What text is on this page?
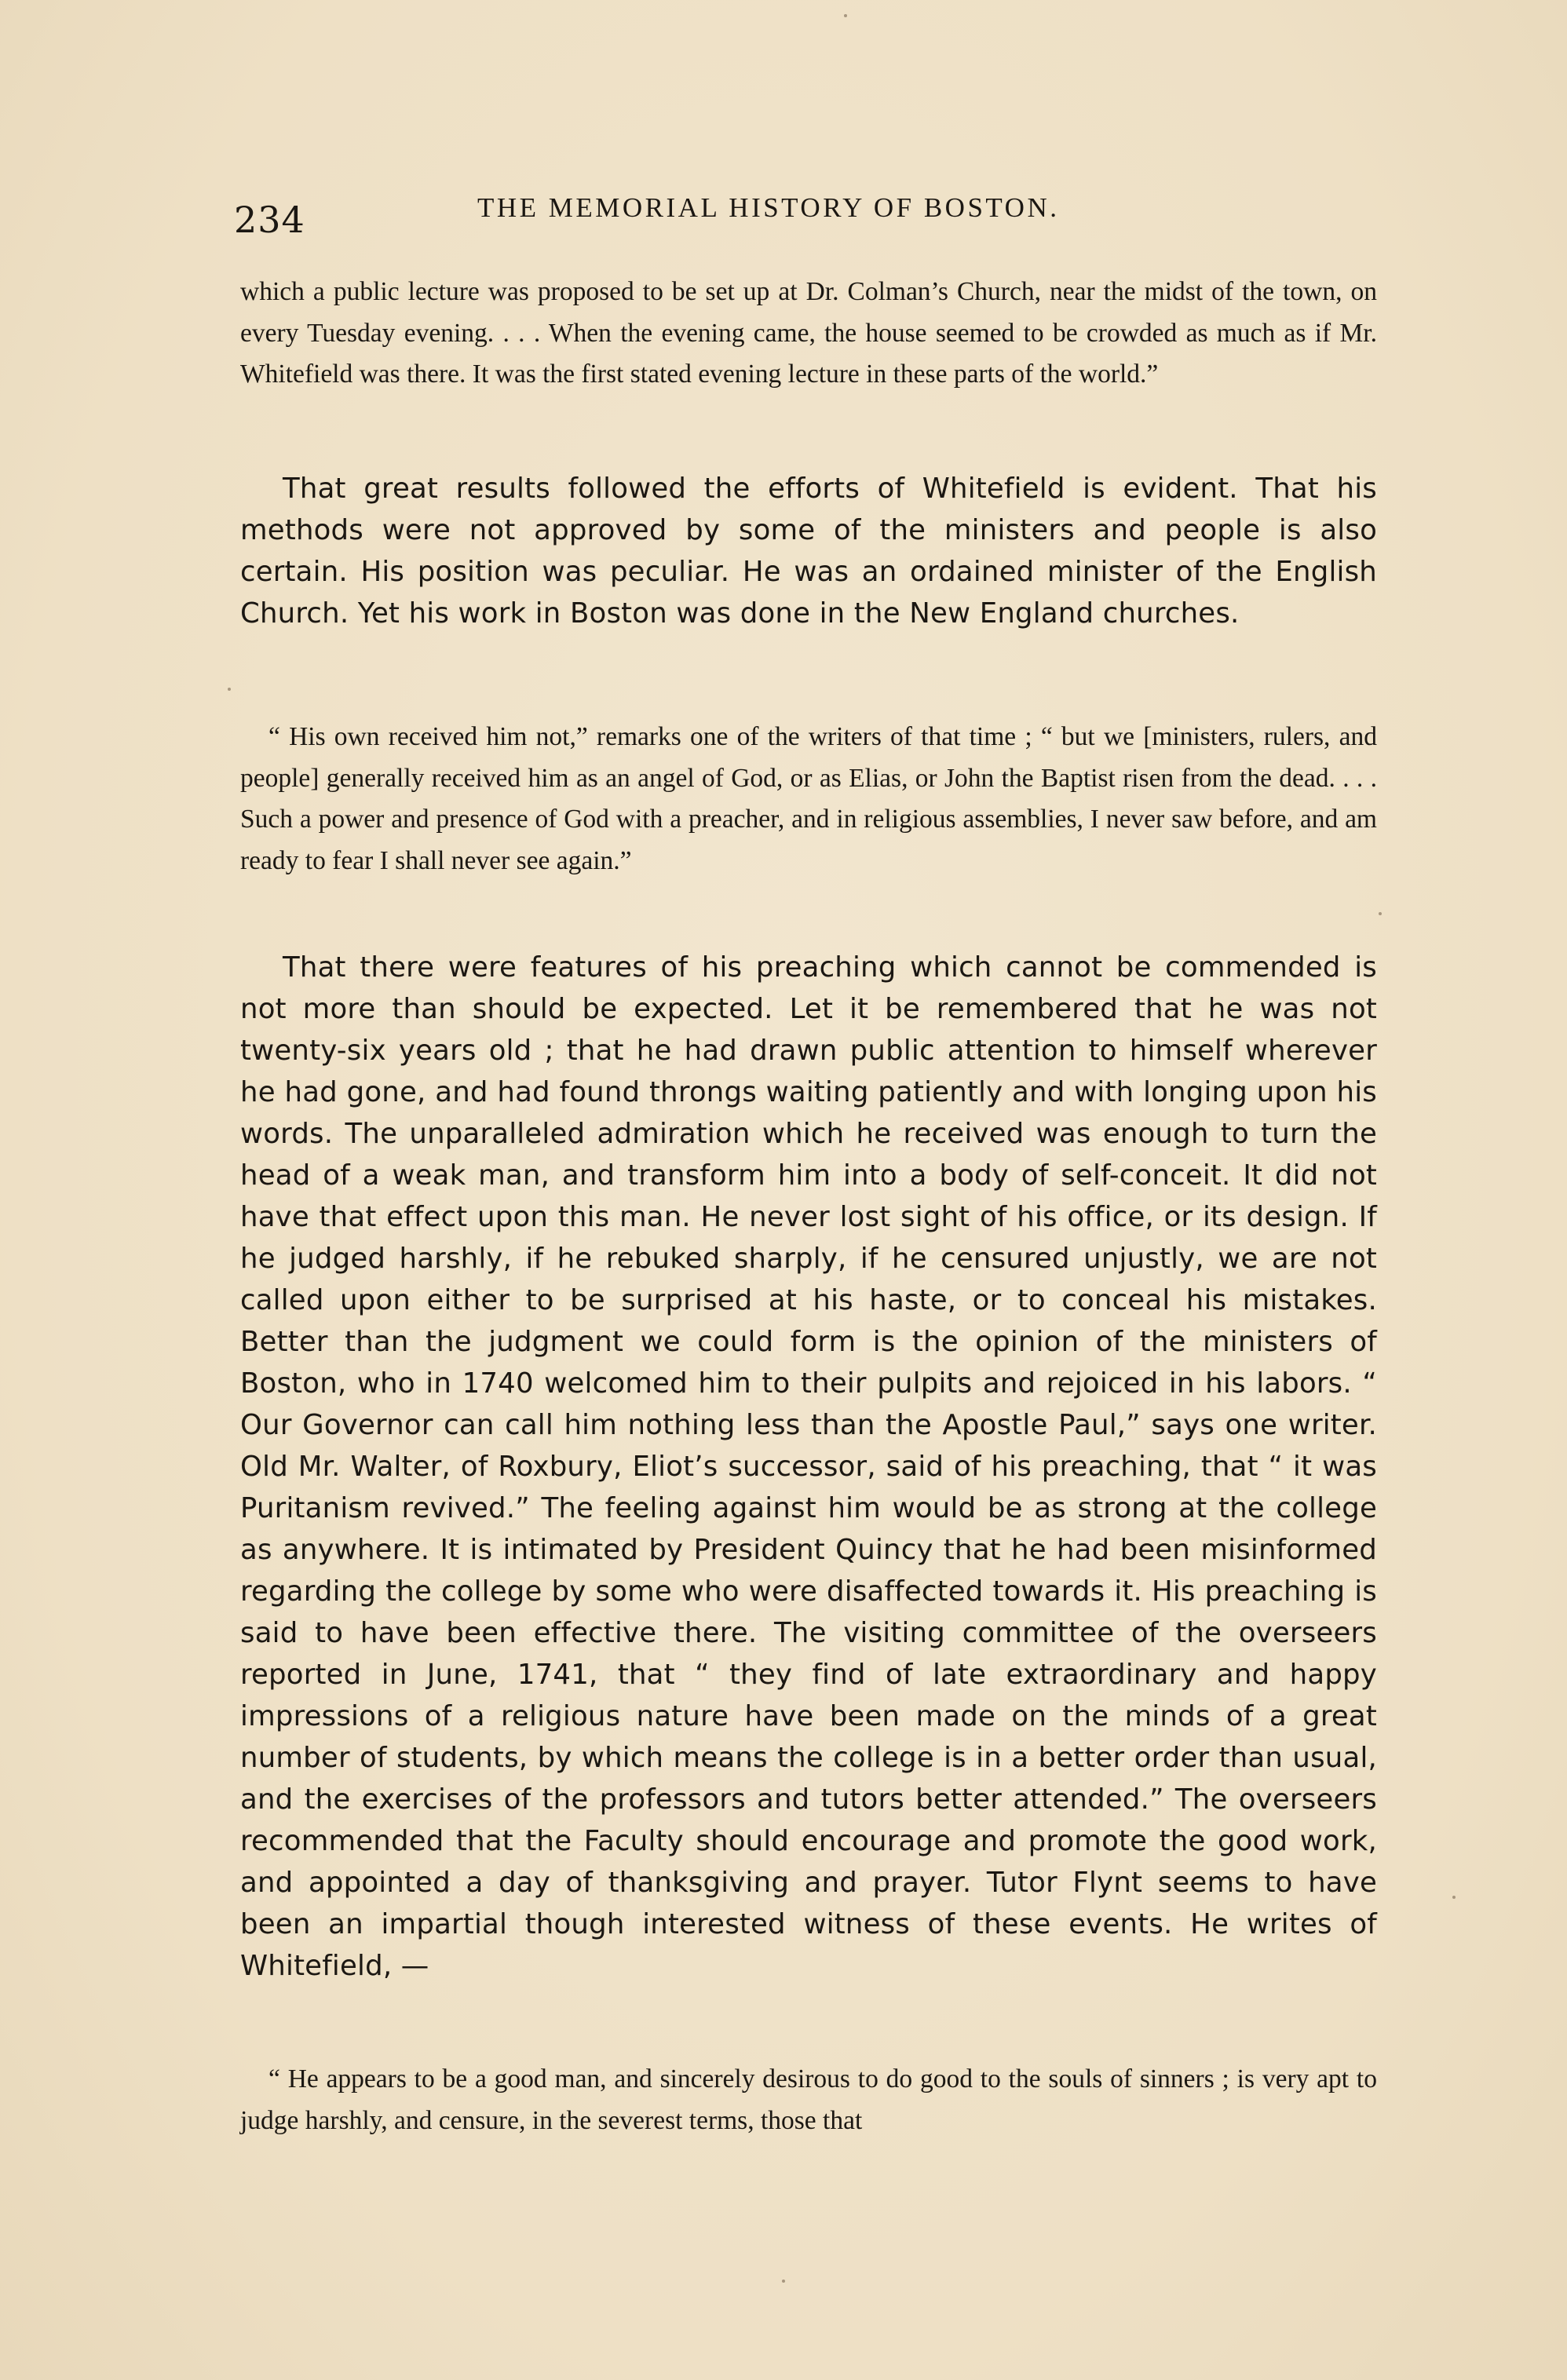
234	THE MEMORIAL HISTORY OF BOSTON.

which a public lecture was proposed to be set up at Dr. Colman’s Church, near the midst of the town, on every Tuesday evening. . . . When the evening came, the house seemed to be crowded as much as if Mr. Whitefield was there. It was the first stated evening lecture in these parts of the world.”

That great results followed the efforts of Whitefield is evident. That his methods were not approved by some of the ministers and people is also certain. His position was peculiar. He was an ordained minister of the English Church. Yet his work in Boston was done in the New England churches.

“ His own received him not,” remarks one of the writers of that time ; “ but we [ministers, rulers, and people] generally received him as an angel of God, or as Elias, or John the Baptist risen from the dead. . . . Such a power and presence of God with a preacher, and in religious assemblies, I never saw before, and am ready to fear I shall never see again.”

That there were features of his preaching which cannot be commended is not more than should be expected. Let it be remembered that he was not twenty-six years old ; that he had drawn public attention to himself wherever he had gone, and had found throngs waiting patiently and with longing upon his words. The unparalleled admiration which he received was enough to turn the head of a weak man, and transform him into a body of self-conceit. It did not have that effect upon this man. He never lost sight of his office, or its design. If he judged harshly, if he rebuked sharply, if he censured unjustly, we are not called upon either to be surprised at his haste, or to conceal his mistakes. Better than the judgment we could form is the opinion of the ministers of Boston, who in 1740 welcomed him to their pulpits and rejoiced in his labors. “ Our Governor can call him nothing less than the Apostle Paul,” says one writer. Old Mr. Walter, of Roxbury, Eliot’s successor, said of his preaching, that “ it was Puritanism revived.” The feeling against him would be as strong at the college as anywhere. It is intimated by President Quincy that he had been misinformed regarding the college by some who were disaffected towards it. His preaching is said to have been effective there. The visiting committee of the overseers reported in June, 1741, that “ they find of late extraordinary and happy impressions of a religious nature have been made on the minds of a great number of students, by which means the college is in a better order than usual, and the exercises of the professors and tutors better attended.” The overseers recommended that the Faculty should encourage and promote the good work, and appointed a day of thanksgiving and prayer. Tutor Flynt seems to have been an impartial though interested witness of these events. He writes of Whitefield, —

“ He appears to be a good man, and sincerely desirous to do good to the souls of sinners ; is very apt to judge harshly, and censure, in the severest terms, those that
